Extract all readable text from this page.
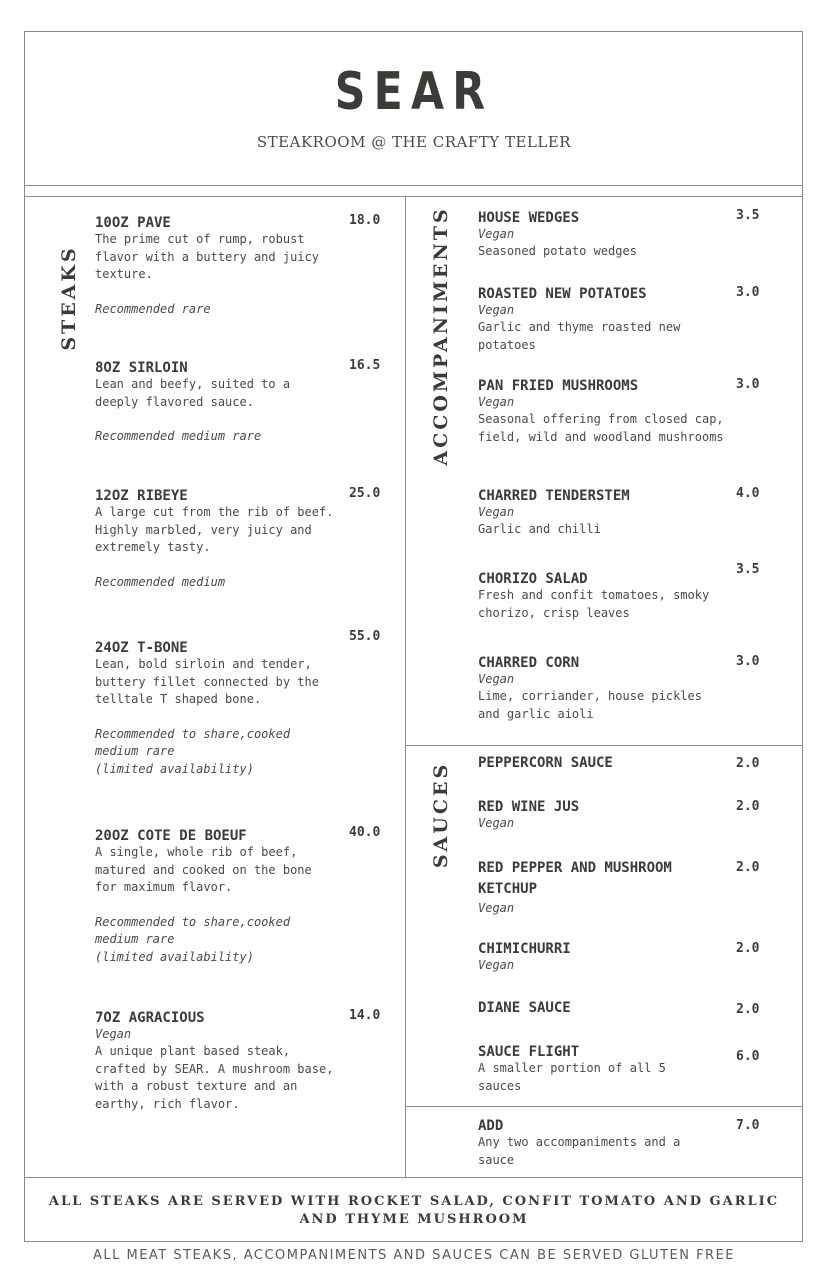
SEAR
STEAKROOM @ THE CRAFTY TELLER
STEAKS	ACCOMPANIMENTS
SAUCES
10OZ PAVE
The prime cut of rump, robust flavor with a buttery and juicy texture.
Recommended rare
18.0
8OZ SIRLOIN
Lean and beefy, suited to a deeply flavored sauce.
Recommended medium rare
16.5
12OZ RIBEYE
A large cut from the rib of beef. Highly marbled, very juicy and extremely tasty.
Recommended medium
25.0
24OZ T-BONE
Lean, bold sirloin and tender, buttery fillet connected by the telltale T shaped bone.
Recommended to share,cooked medium rare
(limited availability)
55.0
20OZ COTE DE BOEUF
A single, whole rib of beef, matured and cooked on the bone for maximum flavor.
Recommended to share,cooked medium rare
(limited availability)
40.0
7OZ AGRACIOUS
Vegan
A unique plant based steak, crafted by SEAR. A mushroom base, with a robust texture and an earthy, rich flavor.
14.0
HOUSE WEDGES
Vegan
Seasoned potato wedges
3.5
ROASTED NEW POTATOES
Vegan
Garlic and thyme roasted new potatoes
3.0
PAN FRIED MUSHROOMS
Vegan
Seasonal offering from closed cap, field, wild and woodland mushrooms
3.0
CHARRED TENDERSTEM
Vegan
Garlic and chilli
4.0
CHORIZO SALAD
Fresh and confit tomatoes, smoky chorizo, crisp leaves
3.5
CHARRED CORN
Vegan
Lime, corriander, house pickles and garlic aioli
3.0
PEPPERCORN SAUCE	2.0
RED WINE JUS
Vegan
2.0
RED PEPPER AND MUSHROOM KETCHUP
Vegan
2.0
CHIMICHURRI
Vegan
2.0
DIANE SAUCE	2.0
SAUCE FLIGHT
A smaller portion of all 5 sauces
6.0
ADD
Any two accompaniments and a sauce
7.0
ALL STEAKS ARE SERVED WITH ROCKET SALAD, CONFIT TOMATO AND GARLIC AND THYME MUSHROOM
ALL MEAT STEAKS, ACCOMPANIMENTS AND SAUCES CAN BE SERVED GLUTEN FREE
